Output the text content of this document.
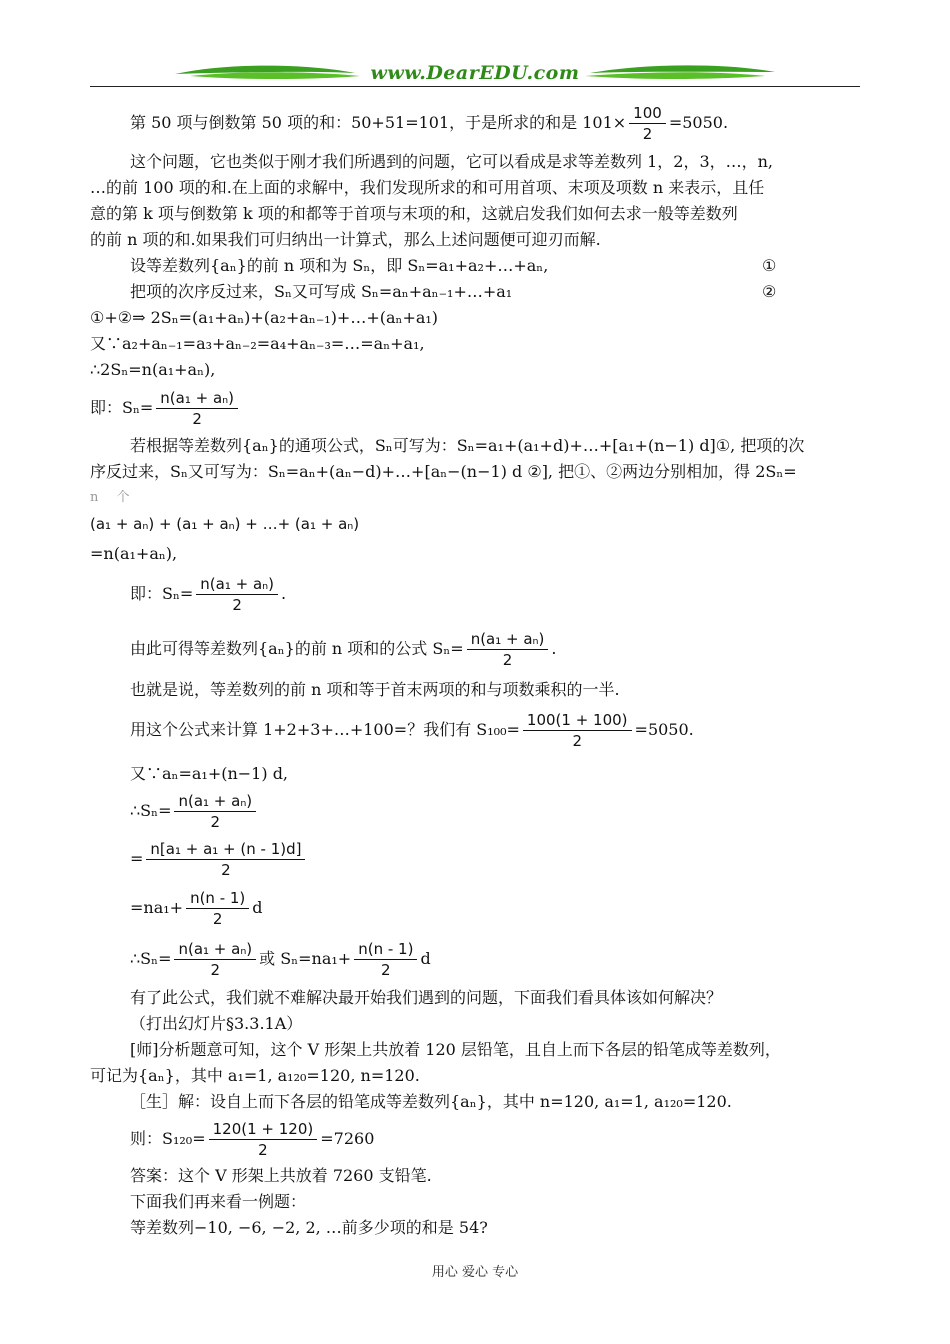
www.DearEDU.com
第 50 项与倒数第 50 项的和：50+51=101，于是所求的和是 $101\times \frac{100}{2} =5050$.

这个问题，它也类似于刚才我们所遇到的问题，它可以看成是求等差数列 1，2，3，…，n,

…的前 100 项的和.在上面的求解中，我们发现所求的和可用首项、末项及项数 n 来表示，且任

意的第 k 项与倒数第 k 项的和都等于首项与末项的和，这就启发我们如何去求一般等差数列

的前 n 项的和.如果我们可归纳出一计算式，那么上述问题便可迎刃而解.

设等差数列{aₙ}的前 n 项和为 Sₙ，即 Sₙ=a₁+a₂+…+aₙ,	①
把项的次序反过来，Sₙ又可写成 Sₙ=aₙ+aₙ₋₁+…+a₁	②

①+②⇒ 2Sₙ=(a₁+aₙ)+(a₂+aₙ₋₁)+…+(aₙ+a₁)

又∵a₂+aₙ₋₁=a₃+aₙ₋₂=a₄+aₙ₋₃=…=aₙ+a₁,

∴2Sₙ=n(a₁+aₙ),

即：$S_n= \frac{\text{n(a₁ + aₙ)}}{2}$

若根据等差数列{aₙ}的通项公式，Sₙ可写为：Sₙ=a₁+(a₁+d)+…+[a₁+(n−1) d]①, 把项的次

序反过来，Sₙ又可写为：Sₙ=aₙ+(aₙ−d)+…+[aₙ−(n−1) d ②], 把①、②两边分别相加，得 2Sₙ=

n 个

(a₁ + aₙ) + (a₁ + aₙ) + …+ (a₁ + aₙ)

=n(a₁+aₙ),

即：$S_n= \frac{\text{n(a₁ + aₙ)}}{2}$ .
由此可得等差数列{aₙ}的前 n 项和的公式 $S_n= \frac{\text{n(a₁ + aₙ)}}{2}$ .

也就是说，等差数列的前 n 项和等于首末两项的和与项数乘积的一半.

用这个公式来计算 1+2+3+…+100=？我们有 $S_{100}= \frac{100(1 + 100)}{2} =5050$.

又∵aₙ=a₁+(n−1) d,

∴Sₙ= $\frac{\text{n(a₁ + aₙ)}}{2}$
= $\frac{\text{n[a₁ + a₁ + (n - 1)d]}}{2}$
$=na_1+ \frac{n(n - 1)}{2}$ d
∴Sₙ= $\frac{\text{n(a₁ + aₙ)}}{2}$ 或 $S_n=na_1+ \frac{n(n - 1)}{2}$ d

有了此公式，我们就不难解决最开始我们遇到的问题，下面我们看具体该如何解决？

（打出幻灯片§3.3.1A）

[师]分析题意可知，这个 V 形架上共放着 120 层铅笔，且自上而下各层的铅笔成等差数列，

可记为{aₙ}，其中 a₁=1, a₁₂₀=120, n=120.

［生］解：设自上而下各层的铅笔成等差数列{aₙ}，其中 n=120, a₁=1, a₁₂₀=120.

则：$S_{120}= \frac{120(1 + 120)}{2} =7260$

答案：这个 V 形架上共放着 7260 支铅笔.

下面我们再来看一例题：

等差数列−10, −6, −2, 2, …前多少项的和是 54?

用心 爱心 专心
